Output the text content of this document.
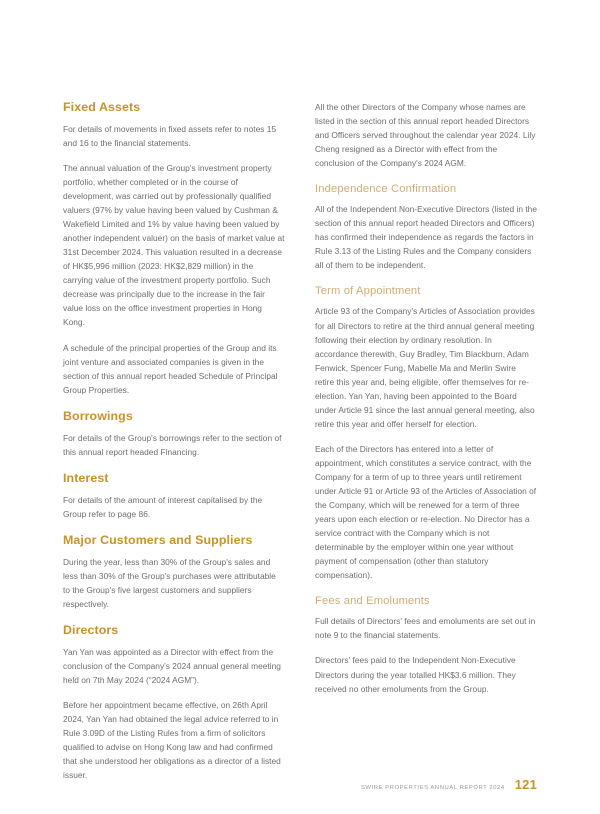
Fixed Assets

For details of movements in fixed assets refer to notes 15 and 16 to the financial statements.

The annual valuation of the Group's investment property portfolio, whether completed or in the course of development, was carried out by professionally qualified valuers (97% by value having been valued by Cushman & Wakefield Limited and 1% by value having been valued by another independent valuer) on the basis of market value at 31st December 2024. This valuation resulted in a decrease of HK$5,996 million (2023: HK$2,829 million) in the carrying value of the investment property portfolio. Such decrease was principally due to the increase in the fair value loss on the office investment properties in Hong Kong.

A schedule of the principal properties of the Group and its joint venture and associated companies is given in the section of this annual report headed Schedule of Principal Group Properties.

Borrowings

For details of the Group's borrowings refer to the section of this annual report headed Financing.

Interest

For details of the amount of interest capitalised by the Group refer to page 86.

Major Customers and Suppliers

During the year, less than 30% of the Group's sales and less than 30% of the Group's purchases were attributable to the Group's five largest customers and suppliers respectively.

Directors

Yan Yan was appointed as a Director with effect from the conclusion of the Company's 2024 annual general meeting held on 7th May 2024 (“2024 AGM”).

Before her appointment became effective, on 26th April 2024, Yan Yan had obtained the legal advice referred to in Rule 3.09D of the Listing Rules from a firm of solicitors qualified to advise on Hong Kong law and had confirmed that she understood her obligations as a director of a listed issuer.

All the other Directors of the Company whose names are listed in the section of this annual report headed Directors and Officers served throughout the calendar year 2024. Lily Cheng resigned as a Director with effect from the conclusion of the Company's 2024 AGM.

Independence Confirmation

All of the Independent Non-Executive Directors (listed in the section of this annual report headed Directors and Officers) has confirmed their independence as regards the factors in Rule 3.13 of the Listing Rules and the Company considers all of them to be independent.

Term of Appointment

Article 93 of the Company's Articles of Association provides for all Directors to retire at the third annual general meeting following their election by ordinary resolution. In accordance therewith, Guy Bradley, Tim Blackburn, Adam Fenwick, Spencer Fung, Mabelle Ma and Merlin Swire retire this year and, being eligible, offer themselves for re-election. Yan Yan, having been appointed to the Board under Article 91 since the last annual general meeting, also retire this year and offer herself for election.

Each of the Directors has entered into a letter of appointment, which constitutes a service contract, with the Company for a term of up to three years until retirement under Article 91 or Article 93 of the Articles of Association of the Company, which will be renewed for a term of three years upon each election or re-election. No Director has a service contract with the Company which is not determinable by the employer within one year without payment of compensation (other than statutory compensation).

Fees and Emoluments

Full details of Directors' fees and emoluments are set out in note 9 to the financial statements.

Directors' fees paid to the Independent Non-Executive Directors during the year totalled HK$3.6 million. They received no other emoluments from the Group.

SWIRE PROPERTIES ANNUAL REPORT 2024 121
